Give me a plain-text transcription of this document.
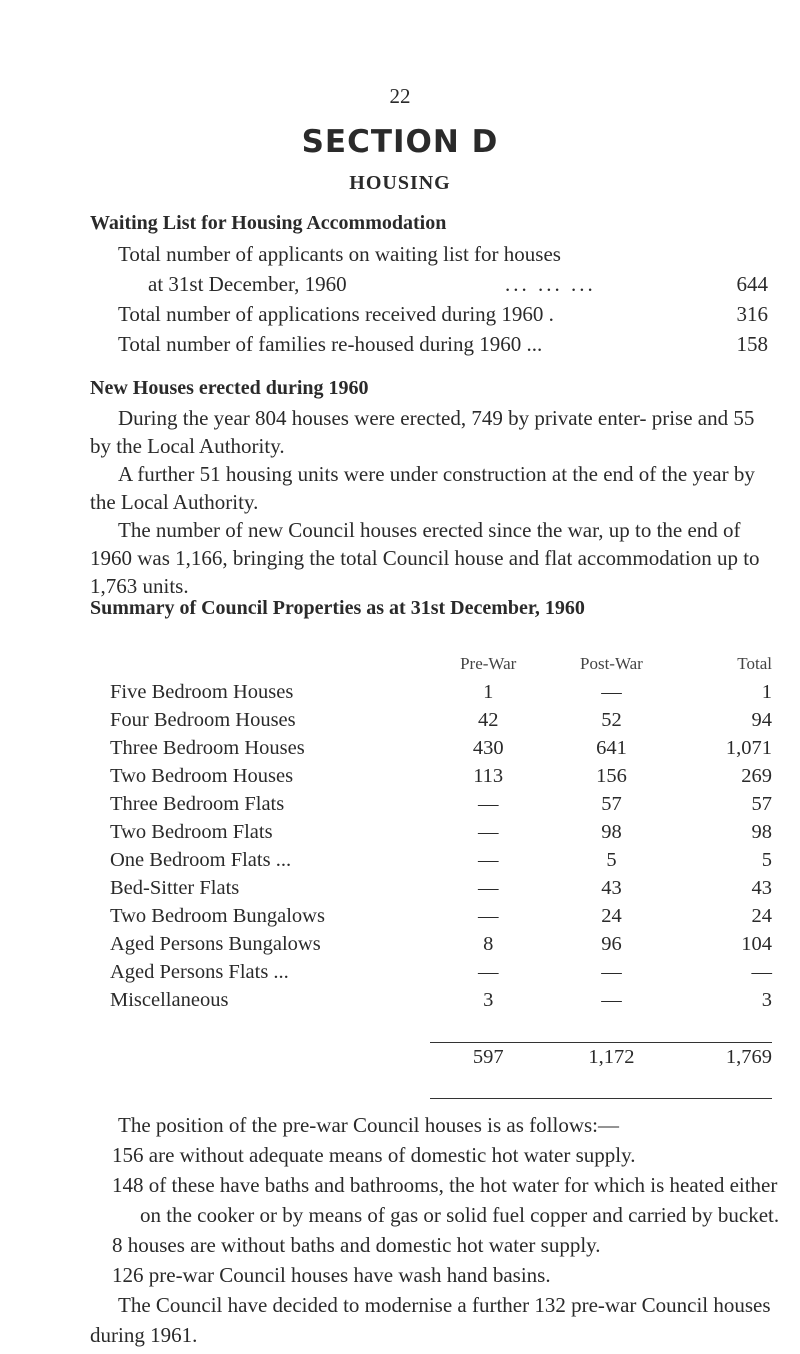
22
SECTION D
HOUSING
Waiting List for Housing Accommodation
Total number of applicants on waiting list for houses
at 31st December, 1960	... ... ...	644
Total number of applications received during 1960 .	316
Total number of families re-housed during 1960 ...	158
New Houses erected during 1960
During the year 804 houses were erected, 749 by private enter- prise and 55 by the Local Authority.
A further 51 housing units were under construction at the end of the year by the Local Authority.
The number of new Council houses erected since the war, up to the end of 1960 was 1,166, bringing the total Council house and flat accommodation up to 1,763 units.
Summary of Council Properties as at 31st December, 1960
	Pre-War	Post-War	Total
Five Bedroom Houses	1	—	1
Four Bedroom Houses	42	52	94
Three Bedroom Houses	430	641	1,071
Two Bedroom Houses	113	156	269
Three Bedroom Flats	—	57	57
Two Bedroom Flats	—	98	98
One Bedroom Flats ...	—	5	5
Bed-Sitter Flats	—	43	43
Two Bedroom Bungalows	—	24	24
Aged Persons Bungalows	8	96	104
Aged Persons Flats ...	—	—	—
Miscellaneous	3	—	3

	597	1,172	1,769

The position of the pre-war Council houses is as follows:—
156 are without adequate means of domestic hot water supply.
148 of these have baths and bathrooms, the hot water for which is heated either on the cooker or by means of gas or solid fuel copper and carried by bucket.
8 houses are without baths and domestic hot water supply.
126 pre-war Council houses have wash hand basins.
The Council have decided to modernise a further 132 pre-war Council houses during 1961.
